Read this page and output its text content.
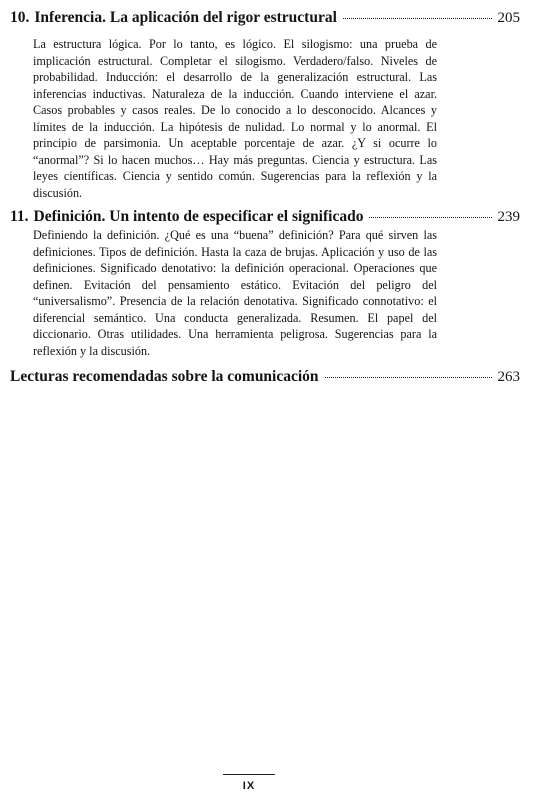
10. Inferencia. La aplicación del rigor estructural	205
La estructura lógica. Por lo tanto, es lógico. El silogismo: una prueba de implicación estructural. Completar el silogismo. Verdadero/falso. Niveles de probabilidad. Inducción: el desarrollo de la generalización estructural. Las inferencias inductivas. Naturaleza de la inducción. Cuando interviene el azar. Casos probables y casos reales. De lo conocido a lo desconocido. Alcances y límites de la inducción. La hipótesis de nulidad. Lo normal y lo anormal. El principio de parsimonia. Un aceptable porcentaje de azar. ¿Y si ocurre lo “anormal”? Si lo hacen muchos… Hay más preguntas. Ciencia y estructura. Las leyes científicas. Ciencia y sentido común. Sugerencias para la reflexión y la discusión.
11. Definición. Un intento de especificar el significado	239
Definiendo la definición. ¿Qué es una “buena” definición? Para qué sirven las definiciones. Tipos de definición. Hasta la caza de brujas. Aplicación y uso de las definiciones. Significado denotativo: la definición operacional. Operaciones que definen. Evitación del pensamiento estático. Evitación del peligro del “universalismo”. Presencia de la relación denotativa. Significado connotativo: el diferencial semántico. Una conducta generalizada. Resumen. El papel del diccionario. Otras utilidades. Una herramienta peligrosa. Sugerencias para la reflexión y la discusión.
Lecturas recomendadas sobre la comunicación	263
IX
